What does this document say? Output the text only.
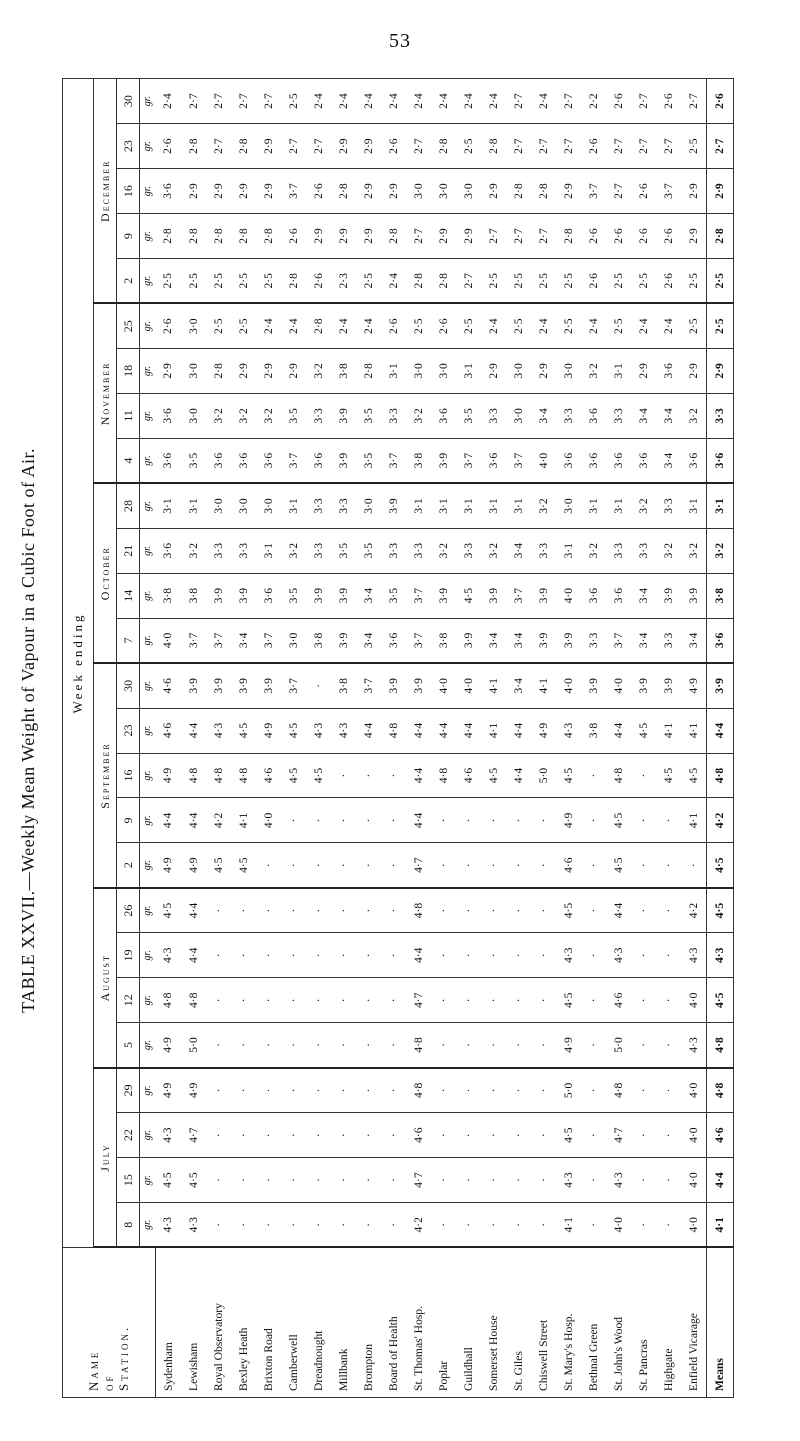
53
TABLE XXVII.—Weekly Mean Weight of Vapour in a Cubic Foot of Air.
Name of Station.	Week ending																									
	July				August				September					October				November				December				
	8	15	22	29	5	12	19	26	2	9	16	23	30	7	14	21	28	4	11	18	25	2	9	16	23	30
	gr.	gr.	gr.	gr.	gr.	gr.	gr.	gr.	gr.	gr.	gr.	gr.	gr.	gr.	gr.	gr.	gr.	gr.	gr.	gr.	gr.	gr.	gr.	gr.	gr.	gr.
Sydenham	4·3	4·5	4·3	4·9	4·9	4·8	4·3	4·5	4·9	4·4	4·9	4·6	4·6	4·0	3·8	3·6	3·1	3·6	3·6	2·9	2·6	2·5	2·8	3·6	2·6	2·4
Lewisham	4·3	4·5	4·7	4·9	5·0	4·8	4·4	4·4	4·9	4·4	4·8	4·4	3·9	3·7	3·8	3·2	3·1	3·5	3·0	3·0	3·0	2·5	2·8	2·9	2·8	2·7
Royal Observatory	·	·	·	·	·	·	·	·	4·5	4·2	4·8	4·3	3·9	3·7	3·9	3·3	3·0	3·6	3·2	2·8	2·5	2·5	2·8	2·9	2·7	2·7
Bexley Heath	·	·	·	·	·	·	·	·	4·5	4·1	4·8	4·5	3·9	3·4	3·9	3·3	3·0	3·6	3·2	2·9	2·5	2·5	2·8	2·9	2·8	2·7
Brixton Road	·	·	·	·	·	·	·	·	·	4·0	4·6	4·9	3·9	3·7	3·6	3·1	3·0	3·6	3·2	2·9	2·4	2·5	2·8	2·9	2·9	2·7
Camberwell	·	·	·	·	·	·	·	·	·	·	4·5	4·5	3·7	3·0	3·5	3·2	3·1	3·7	3·5	2·9	2·4	2·8	2·6	3·7	2·7	2·5
Dreadnought	·	·	·	·	·	·	·	·	·	·	4·5	4·3	·	3·8	3·9	3·3	3·3	3·6	3·3	3·2	2·8	2·6	2·9	2·6	2·7	2·4
Millbank	·	·	·	·	·	·	·	·	·	·	·	4·3	3·8	3·9	3·9	3·5	3·3	3·9	3·9	3·8	2·4	2·3	2·9	2·8	2·9	2·4
Brompton	·	·	·	·	·	·	·	·	·	·	·	4·4	3·7	3·4	3·4	3·5	3·0	3·5	3·5	2·8	2·4	2·5	2·9	2·9	2·9	2·4
Board of Health	·	·	·	·	·	·	·	·	·	·	·	4·8	3·9	3·6	3·5	3·3	3·9	3·7	3·3	3·1	2·6	2·4	2·8	2·9	2·6	2·4
St. Thomas' Hosp.	4·2	4·7	4·6	4·8	4·8	4·7	4·4	4·8	4·7	4·4	4·4	4·4	3·9	3·7	3·7	3·3	3·1	3·8	3·2	3·0	2·5	2·8	2·7	3·0	2·7	2·4
Poplar	·	·	·	·	·	·	·	·	·	·	4·8	4·4	4·0	3·8	3·9	3·2	3·1	3·9	3·6	3·0	2·6	2·8	2·9	3·0	2·8	2·4
Guildhall	·	·	·	·	·	·	·	·	·	·	4·6	4·4	4·0	3·9	4·5	3·3	3·1	3·7	3·5	3·1	2·5	2·7	2·9	3·0	2·5	2·4
Somerset House	·	·	·	·	·	·	·	·	·	·	4·5	4·1	4·1	3·4	3·9	3·2	3·1	3·6	3·3	2·9	2·4	2·5	2·7	2·9	2·8	2·4
St. Giles	·	·	·	·	·	·	·	·	·	·	4·4	4·4	3·4	3·4	3·7	3·4	3·1	3·7	3·0	3·0	2·5	2·5	2·7	2·8	2·7	2·7
Chiswell Street	·	·	·	·	·	·	·	·	·	·	5·0	4·9	4·1	3·9	3·9	3·3	3·2	4·0	3·4	2·9	2·4	2·5	2·7	2·8	2·7	2·4
St. Mary's Hosp.	4·1	4·3	4·5	5·0	4·9	4·5	4·3	4·5	4·6	4·9	4·5	4·3	4·0	3·9	4·0	3·1	3·0	3·6	3·3	3·0	2·5	2·5	2·8	2·9	2·7	2·7
Bethnal Green	·	·	·	·	·	·	·	·	·	·	·	3·8	3·9	3·3	3·6	3·2	3·1	3·6	3·6	3·2	2·4	2·6	2·6	3·7	2·6	2·2
St. John's Wood	4·0	4·3	4·7	4·8	5·0	4·6	4·3	4·4	4·5	4·5	4·8	4·4	4·0	3·7	3·6	3·3	3·1	3·6	3·3	3·1	2·5	2·5	2·6	2·7	2·7	2·6
St. Pancras	·	·	·	·	·	·	·	·	·	·	·	4·5	3·9	3·4	3·4	3·3	3·2	3·6	3·4	2·9	2·4	2·5	2·6	2·6	2·7	2·7
Highgate	·	·	·	·	·	·	·	·	·	·	4·5	4·1	3·9	3·3	3·9	3·2	3·3	3·4	3·4	3·6	2·4	2·6	2·6	3·7	2·7	2·6
Enfield Vicarage	4·0	4·0	4·0	4·0	4·3	4·0	4·3	4·2	·	4·1	4·5	4·1	4·9	3·4	3·9	3·2	3·1	3·6	3·2	2·9	2·5	2·5	2·9	2·9	2·5	2·7
Means	4·1	4·4	4·6	4·8	4·8	4·5	4·3	4·5	4·5	4·2	4·8	4·4	3·9	3·6	3·8	3·2	3·1	3·6	3·3	2·9	2·5	2·5	2·8	2·9	2·7	2·6
